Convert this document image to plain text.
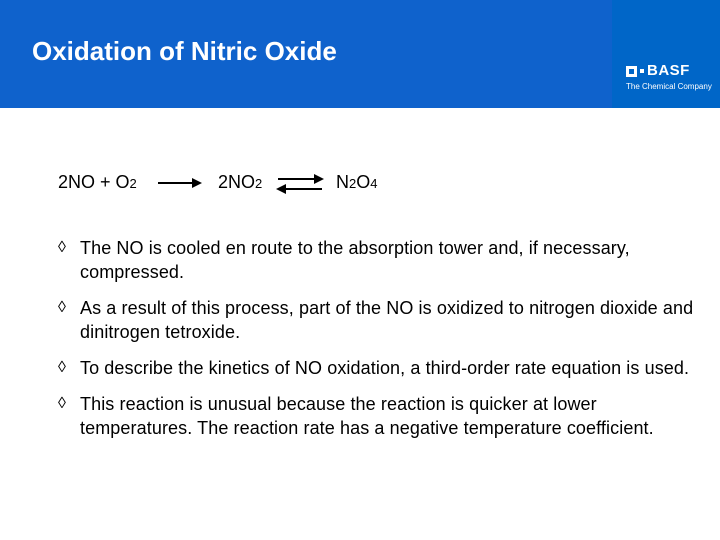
Oxidation of Nitric Oxide
BASF
The Chemical Company
2NO + O2	2NO2 ⇌ N2O4
◊ The NO is cooled en route to the absorption tower and, if necessary, compressed.
◊ As a result of this process, part of the NO is oxidized to nitrogen dioxide and dinitrogen tetroxide.
◊ To describe the kinetics of NO oxidation, a third-order rate equation is used.
◊ This reaction is unusual because the reaction is quicker at lower temperatures. The reaction rate has a negative temperature coefficient.
